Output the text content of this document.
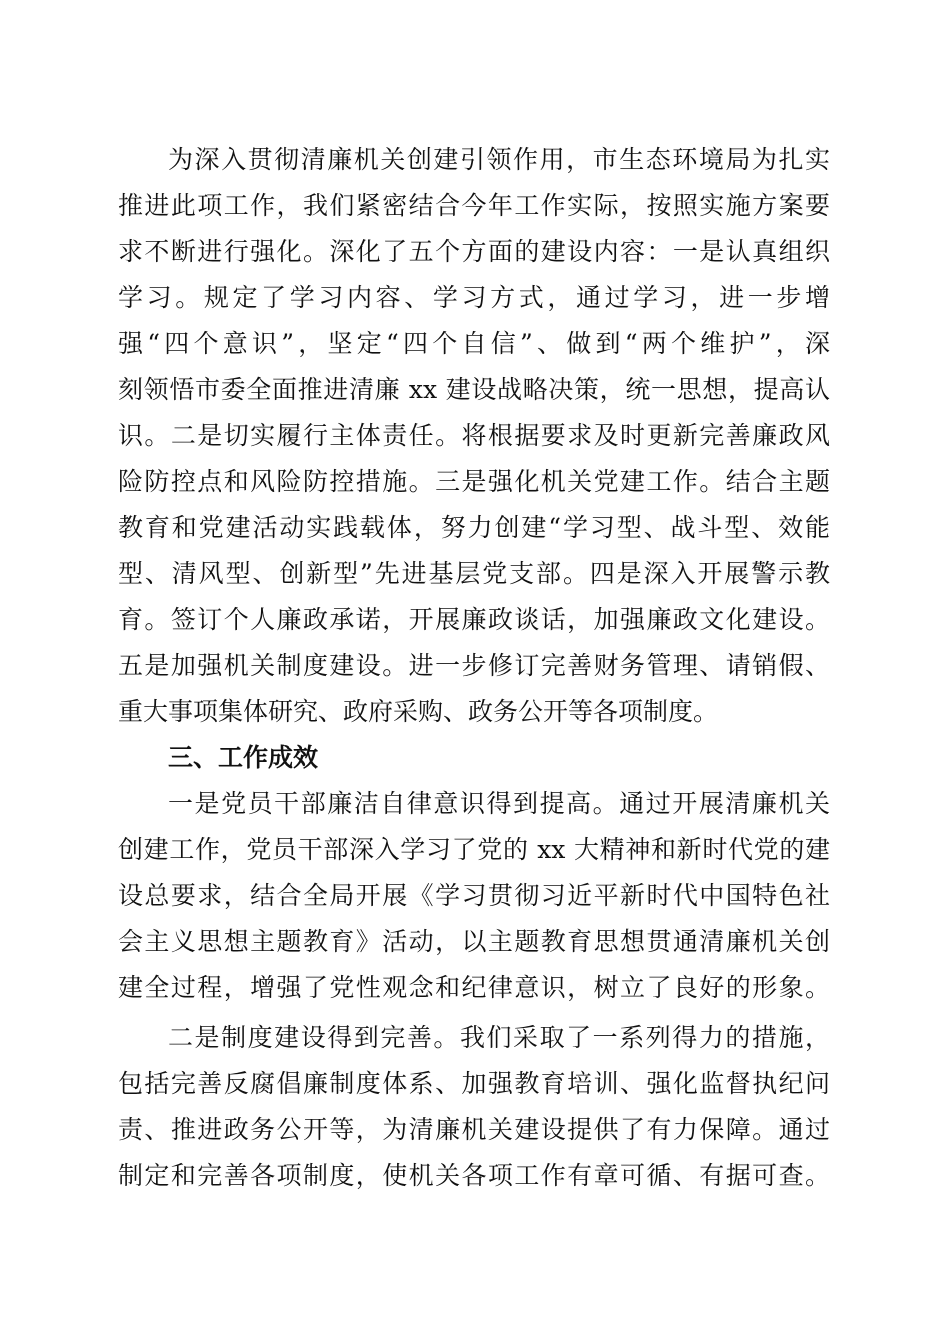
为深入贯彻清廉机关创建引领作用，市生态环境局为扎实
推进此项工作，我们紧密结合今年工作实际，按照实施方案要
求不断进行强化。深化了五个方面的建设内容：一是认真组织
学习。规定了学习内容、学习方式，通过学习，进一步增
强“四个意识”，坚定“四个自信”、做到“两个维护”，深
刻领悟市委全面推进清廉 xx 建设战略决策，统一思想，提高认
识。二是切实履行主体责任。将根据要求及时更新完善廉政风
险防控点和风险防控措施。三是强化机关党建工作。结合主题
教育和党建活动实践载体，努力创建“学习型、战斗型、效能
型、清风型、创新型”先进基层党支部。四是深入开展警示教
育。签订个人廉政承诺，开展廉政谈话，加强廉政文化建设。
五是加强机关制度建设。进一步修订完善财务管理、请销假、
重大事项集体研究、政府采购、政务公开等各项制度。
三、工作成效
一是党员干部廉洁自律意识得到提高。通过开展清廉机关
创建工作，党员干部深入学习了党的 xx 大精神和新时代党的建
设总要求，结合全局开展《学习贯彻习近平新时代中国特色社
会主义思想主题教育》活动，以主题教育思想贯通清廉机关创
建全过程，增强了党性观念和纪律意识，树立了良好的形象。
二是制度建设得到完善。我们采取了一系列得力的措施，
包括完善反腐倡廉制度体系、加强教育培训、强化监督执纪问
责、推进政务公开等，为清廉机关建设提供了有力保障。通过
制定和完善各项制度，使机关各项工作有章可循、有据可查。
